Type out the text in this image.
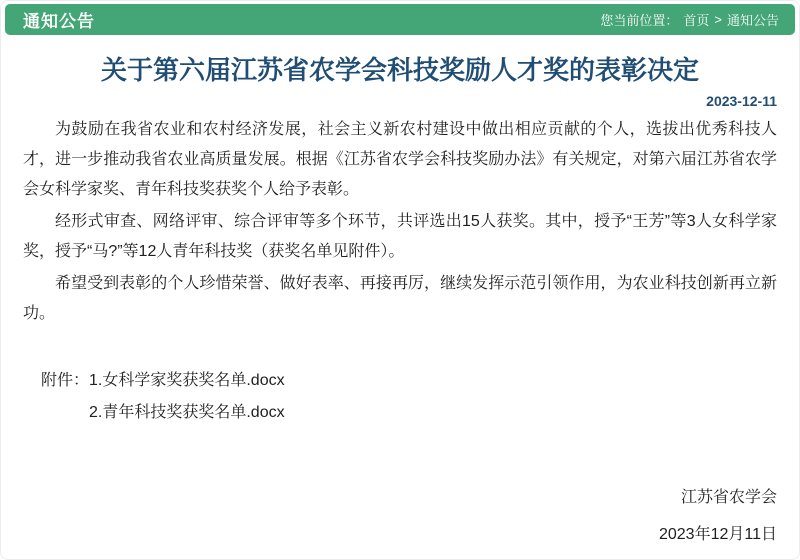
通知公告	您当前位置： 首页 > 通知公告
关于第六届江苏省农学会科技奖励人才奖的表彰决定
2023-12-11

为鼓励在我省农业和农村经济发展，社会主义新农村建设中做出相应贡献的个人，选拔出优秀科技人才，进一步推动我省农业高质量发展。根据《江苏省农学会科技奖励办法》有关规定，对第六届江苏省农学会女科学家奖、青年科技奖获奖个人给予表彰。

经形式审查、网络评审、综合评审等多个环节，共评选出15人获奖。其中，授予“王芳”等3人女科学家奖，授予“马?”等12人青年科技奖（获奖名单见附件）。

希望受到表彰的个人珍惜荣誉、做好表率、再接再厉，继续发挥示范引领作用，为农业科技创新再立新功。

附件： 1.女科学家奖获奖名单.docx
2.青年科技奖获奖名单.docx
江苏省农学会
2023年12月11日
